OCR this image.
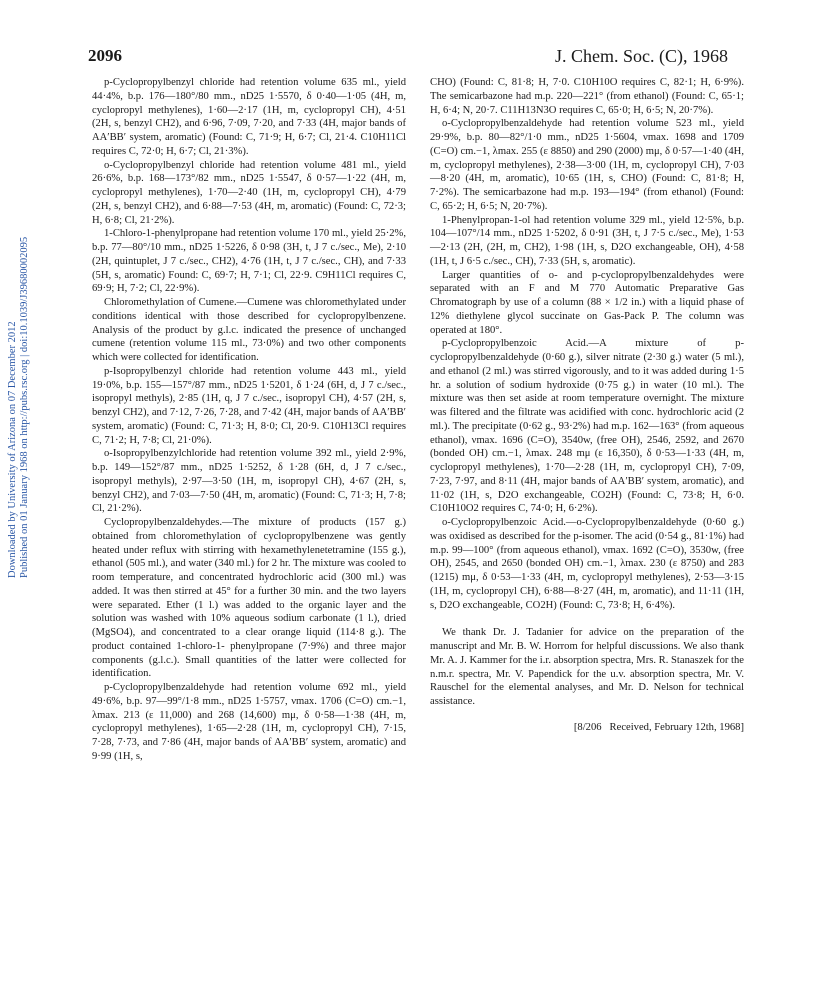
Downloaded by University of Arizona on 07 December 2012 Published on 01 January 1968 on http://pubs.rsc.org | doi:10.1039/J39680002095
2096	J. Chem. Soc. (C), 1968

p-Cyclopropylbenzyl chloride had retention volume 635 ml., yield 44·4%, b.p. 176—180°/80 mm., nD25 1·5570, δ 0·40—1·05 (4H, m, cyclopropyl methylenes), 1·60—2·17 (1H, m, cyclopropyl CH), 4·51 (2H, s, benzyl CH2), and 6·96, 7·09, 7·20, and 7·33 (4H, major bands of AA′BB′ system, aromatic) (Found: C, 71·9; H, 6·7; Cl, 21·4. C10H11Cl requires C, 72·0; H, 6·7; Cl, 21·3%).

o-Cyclopropylbenzyl chloride had retention volume 481 ml., yield 26·6%, b.p. 168—173°/82 mm., nD25 1·5547, δ 0·57—1·22 (4H, m, cyclopropyl methylenes), 1·70—2·40 (1H, m, cyclopropyl CH), 4·79 (2H, s, benzyl CH2), and 6·88—7·53 (4H, m, aromatic) (Found: C, 72·3; H, 6·8; Cl, 21·2%).

1-Chloro-1-phenylpropane had retention volume 170 ml., yield 25·2%, b.p. 77—80°/10 mm., nD25 1·5226, δ 0·98 (3H, t, J 7 c./sec., Me), 2·10 (2H, quintuplet, J 7 c./sec., CH2), 4·76 (1H, t, J 7 c./sec., CH), and 7·33 (5H, s, aromatic) Found: C, 69·7; H, 7·1; Cl, 22·9. C9H11Cl requires C, 69·9; H, 7·2; Cl, 22·9%).

Chloromethylation of Cumene.—Cumene was chloromethylated under conditions identical with those described for cyclopropylbenzene. Analysis of the product by g.l.c. indicated the presence of unchanged cumene (retention volume 115 ml., 73·0%) and two other components which were collected for identification.

p-Isopropylbenzyl chloride had retention volume 443 ml., yield 19·0%, b.p. 155—157°/87 mm., nD25 1·5201, δ 1·24 (6H, d, J 7 c./sec., isopropyl methyls), 2·85 (1H, q, J 7 c./sec., isopropyl CH), 4·57 (2H, s, benzyl CH2), and 7·12, 7·26, 7·28, and 7·42 (4H, major bands of AA′BB′ system, aromatic) (Found: C, 71·3; H, 8·0; Cl, 20·9. C10H13Cl requires C, 71·2; H, 7·8; Cl, 21·0%).

o-Isopropylbenzylchloride had retention volume 392 ml., yield 2·9%, b.p. 149—152°/87 mm., nD25 1·5252, δ 1·28 (6H, d, J 7 c./sec., isopropyl methyls), 2·97—3·50 (1H, m, isopropyl CH), 4·67 (2H, s, benzyl CH2), and 7·03—7·50 (4H, m, aromatic) (Found: C, 71·3; H, 7·8; Cl, 21·2%).

Cyclopropylbenzaldehydes.—The mixture of products (157 g.) obtained from chloromethylation of cyclopropylbenzene was gently heated under reflux with stirring with hexamethylenetetramine (155 g.), ethanol (505 ml.), and water (340 ml.) for 2 hr. The mixture was cooled to room temperature, and concentrated hydrochloric acid (300 ml.) was added. It was then stirred at 45° for a further 30 min. and the two layers were separated. Ether (1 l.) was added to the organic layer and the solution was washed with 10% aqueous sodium carbonate (1 l.), dried (MgSO4), and concentrated to a clear orange liquid (114·8 g.). The product contained 1-chloro-1- phenylpropane (7·9%) and three major components (g.l.c.). Small quantities of the latter were collected for identification.

p-Cyclopropylbenzaldehyde had retention volume 692 ml., yield 49·6%, b.p. 97—99°/1·8 mm., nD25 1·5757, νmax. 1706 (C=O) cm.−1, λmax. 213 (ε 11,000) and 268 (14,600) mμ, δ 0·58—1·38 (4H, m, cyclopropyl methylenes), 1·65—2·28 (1H, m, cyclopropyl CH), 7·15, 7·28, 7·73, and 7·86 (4H, major bands of AA′BB′ system, aromatic) and 9·99 (1H, s,

CHO) (Found: C, 81·8; H, 7·0. C10H10O requires C, 82·1; H, 6·9%). The semicarbazone had m.p. 220—221° (from ethanol) (Found: C, 65·1; H, 6·4; N, 20·7. C11H13N3O requires C, 65·0; H, 6·5; N, 20·7%).

o-Cyclopropylbenzaldehyde had retention volume 523 ml., yield 29·9%, b.p. 80—82°/1·0 mm., nD25 1·5604, νmax. 1698 and 1709 (C=O) cm.−1, λmax. 255 (ε 8850) and 290 (2000) mμ, δ 0·57—1·40 (4H, m, cyclopropyl methylenes), 2·38—3·00 (1H, m, cyclopropyl CH), 7·03—8·20 (4H, m, aromatic), 10·65 (1H, s, CHO) (Found: C, 81·8; H, 7·2%). The semicarbazone had m.p. 193—194° (from ethanol) (Found: C, 65·2; H, 6·5; N, 20·7%).

1-Phenylpropan-1-ol had retention volume 329 ml., yield 12·5%, b.p. 104—107°/14 mm., nD25 1·5202, δ 0·91 (3H, t, J 7·5 c./sec., Me), 1·53—2·13 (2H, (2H, m, CH2), 1·98 (1H, s, D2O exchangeable, OH), 4·58 (1H, t, J 6·5 c./sec., CH), 7·33 (5H, s, aromatic).

Larger quantities of o- and p-cyclopropylbenzaldehydes were separated with an F and M 770 Automatic Preparative Gas Chromatograph by use of a column (88 × 1/2 in.) with a liquid phase of 12% diethylene glycol succinate on Gas-Pack P. The column was operated at 180°.

p-Cyclopropylbenzoic Acid.—A mixture of p-cyclopropylbenzaldehyde (0·60 g.), silver nitrate (2·30 g.) water (5 ml.), and ethanol (2 ml.) was stirred vigorously, and to it was added during 1·5 hr. a solution of sodium hydroxide (0·75 g.) in water (10 ml.). The mixture was then set aside at room temperature overnight. The mixture was filtered and the filtrate was acidified with conc. hydrochloric acid (2 ml.). The precipitate (0·62 g., 93·2%) had m.p. 162—163° (from aqueous ethanol), νmax. 1696 (C=O), 3540w, (free OH), 2546, 2592, and 2670 (bonded OH) cm.−1, λmax. 248 mμ (ε 16,350), δ 0·53—1·33 (4H, m, cyclopropyl methylenes), 1·70—2·28 (1H, m, cyclopropyl CH), 7·09, 7·23, 7·97, and 8·11 (4H, major bands of AA′BB′ system, aromatic), and 11·02 (1H, s, D2O exchangeable, CO2H) (Found: C, 73·8; H, 6·0. C10H10O2 requires C, 74·0; H, 6·2%).

o-Cyclopropylbenzoic Acid.—o-Cyclopropylbenzaldehyde (0·60 g.) was oxidised as described for the p-isomer. The acid (0·54 g., 81·1%) had m.p. 99—100° (from aqueous ethanol), νmax. 1692 (C=O), 3530w, (free OH), 2545, and 2650 (bonded OH) cm.−1, λmax. 230 (ε 8750) and 283 (1215) mμ, δ 0·53—1·33 (4H, m, cyclopropyl methylenes), 2·53—3·15 (1H, m, cyclopropyl CH), 6·88—8·27 (4H, m, aromatic), and 11·11 (1H, s, D2O exchangeable, CO2H) (Found: C, 73·8; H, 6·4%).

We thank Dr. J. Tadanier for advice on the preparation of the manuscript and Mr. B. W. Horrom for helpful discussions. We also thank Mr. A. J. Kammer for the i.r. absorption spectra, Mrs. R. Stanaszek for the n.m.r. spectra, Mr. V. Papendick for the u.v. absorption spectra, Mr. V. Rauschel for the elemental analyses, and Mr. D. Nelson for technical assistance.

[8/206 Received, February 12th, 1968]
